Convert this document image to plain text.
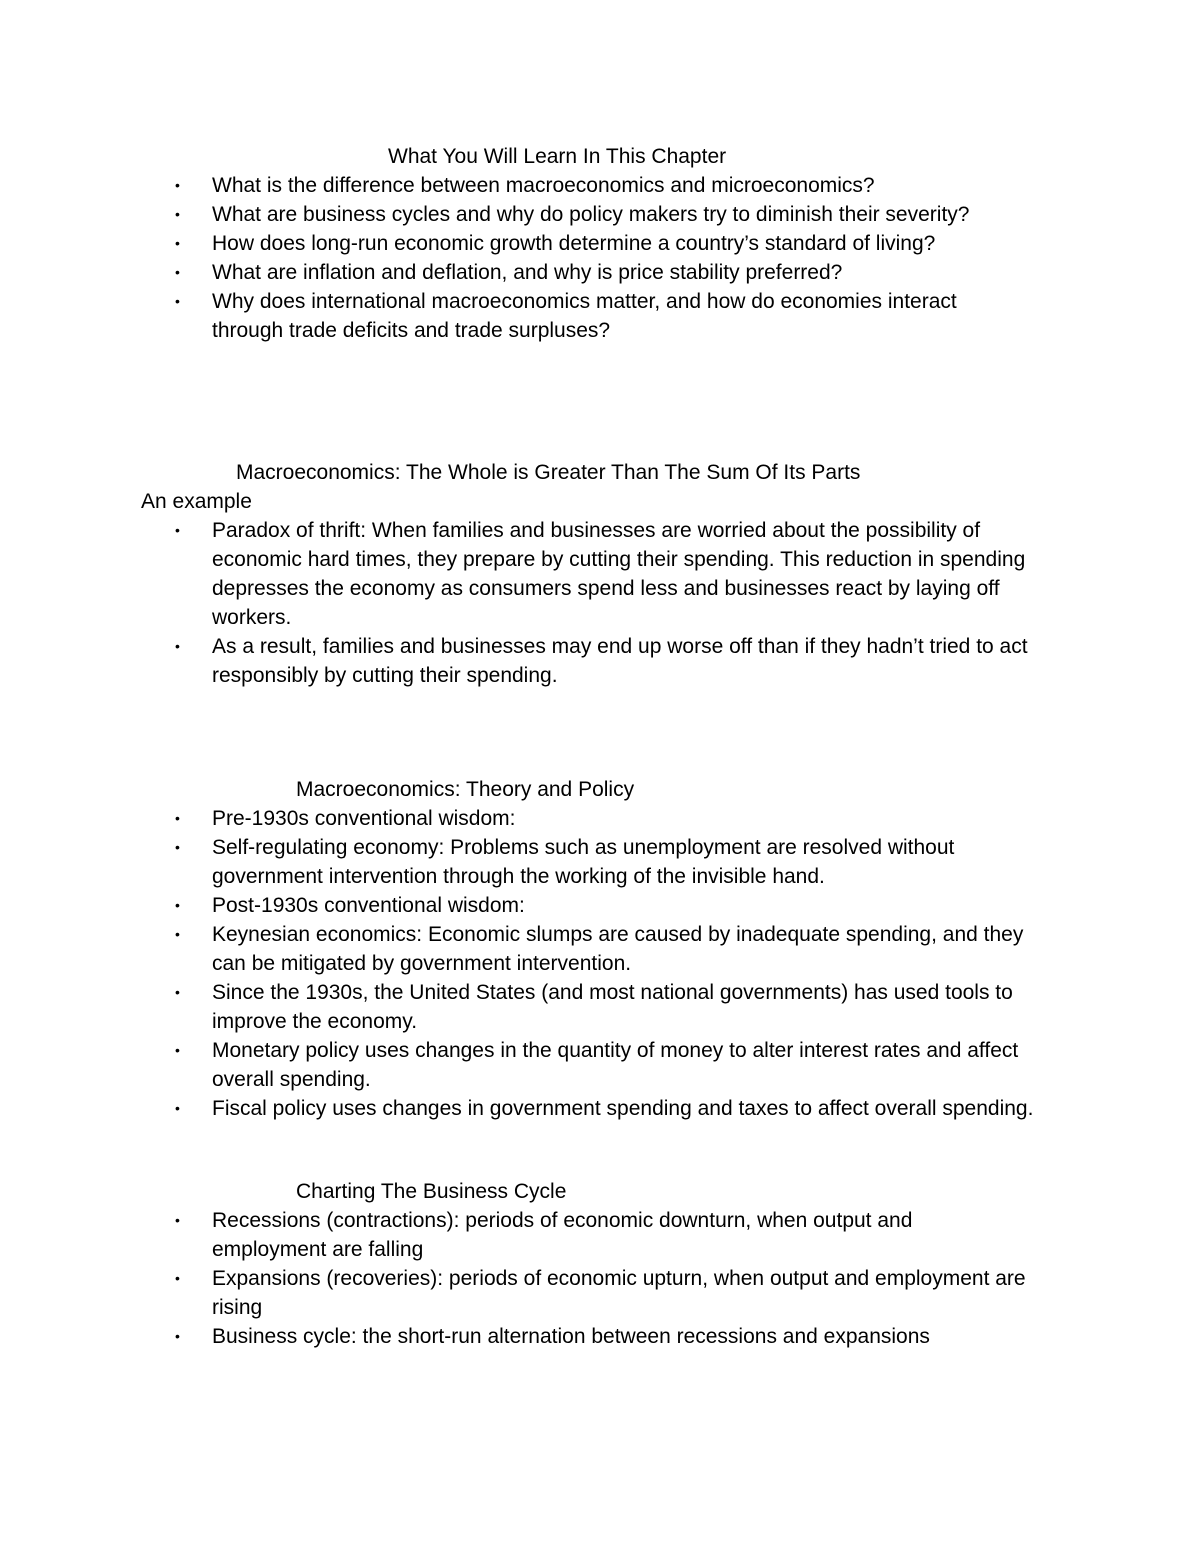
What You Will Learn In This Chapter
•	What is the difference between macroeconomics and microeconomics?
•	What are business cycles and why do policy makers try to diminish their severity?
•	How does long-run economic growth determine a country’s standard of living?
•	What are inflation and deflation, and why is price stability preferred?
•	Why does international macroeconomics matter, and how do economies interact through trade deficits and trade surpluses?
Macroeconomics: The Whole is Greater Than The Sum Of Its Parts
An example
•	Paradox of thrift: When families and businesses are worried about the possibility of economic hard times, they prepare by cutting their spending. This reduction in spending depresses the economy as consumers spend less and businesses react by laying off workers.
•	As a result, families and businesses may end up worse off than if they hadn’t tried to act responsibly by cutting their spending.
Macroeconomics: Theory and Policy
•	Pre-1930s conventional wisdom:
•	Self-regulating economy: Problems such as unemployment are resolved without government intervention through the working of the invisible hand.
•	Post-1930s conventional wisdom:
•	Keynesian economics: Economic slumps are caused by inadequate spending, and they can be mitigated by government intervention.
•	Since the 1930s, the United States (and most national governments) has used tools to improve the economy.
•	Monetary policy uses changes in the quantity of money to alter interest rates and affect overall spending.
•	Fiscal policy uses changes in government spending and taxes to affect overall spending.
Charting The Business Cycle
•	Recessions (contractions): periods of economic downturn, when output and employment are falling
•	Expansions (recoveries): periods of economic upturn, when output and employment are rising
•	Business cycle: the short-run alternation between recessions and expansions
